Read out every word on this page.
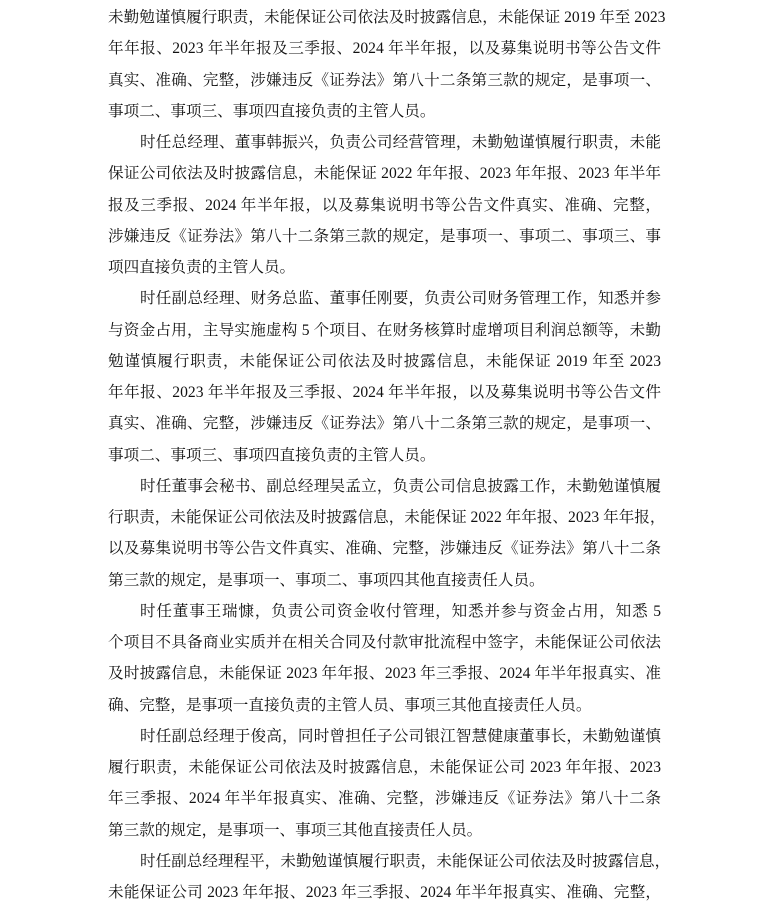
未勤勉谨慎履行职责，未能保证公司依法及时披露信息，未能保证 2019 年至 2023
年年报、2023 年半年报及三季报、2024 年半年报，以及募集说明书等公告文件
真实、准确、完整，涉嫌违反《证券法》第八十二条第三款的规定，是事项一、
事项二、事项三、事项四直接负责的主管人员。
时任总经理、董事韩振兴，负责公司经营管理，未勤勉谨慎履行职责，未能
保证公司依法及时披露信息，未能保证 2022 年年报、2023 年年报、2023 年半年
报及三季报、2024 年半年报，以及募集说明书等公告文件真实、准确、完整，
涉嫌违反《证券法》第八十二条第三款的规定，是事项一、事项二、事项三、事
项四直接负责的主管人员。
时任副总经理、财务总监、董事任刚要，负责公司财务管理工作，知悉并参
与资金占用，主导实施虚构 5 个项目、在财务核算时虚增项目利润总额等，未勤
勉谨慎履行职责，未能保证公司依法及时披露信息，未能保证 2019 年至 2023
年年报、2023 年半年报及三季报、2024 年半年报，以及募集说明书等公告文件
真实、准确、完整，涉嫌违反《证券法》第八十二条第三款的规定，是事项一、
事项二、事项三、事项四直接负责的主管人员。
时任董事会秘书、副总经理吴孟立，负责公司信息披露工作，未勤勉谨慎履
行职责，未能保证公司依法及时披露信息，未能保证 2022 年年报、2023 年年报，
以及募集说明书等公告文件真实、准确、完整，涉嫌违反《证券法》第八十二条
第三款的规定，是事项一、事项二、事项四其他直接责任人员。
时任董事王瑞慷，负责公司资金收付管理，知悉并参与资金占用，知悉 5
个项目不具备商业实质并在相关合同及付款审批流程中签字，未能保证公司依法
及时披露信息，未能保证 2023 年年报、2023 年三季报、2024 年半年报真实、准
确、完整，是事项一直接负责的主管人员、事项三其他直接责任人员。
时任副总经理于俊高，同时曾担任子公司银江智慧健康董事长，未勤勉谨慎
履行职责，未能保证公司依法及时披露信息，未能保证公司 2023 年年报、2023
年三季报、2024 年半年报真实、准确、完整，涉嫌违反《证券法》第八十二条
第三款的规定，是事项一、事项三其他直接责任人员。
时任副总经理程平，未勤勉谨慎履行职责，未能保证公司依法及时披露信息，
未能保证公司 2023 年年报、2023 年三季报、2024 年半年报真实、准确、完整，
